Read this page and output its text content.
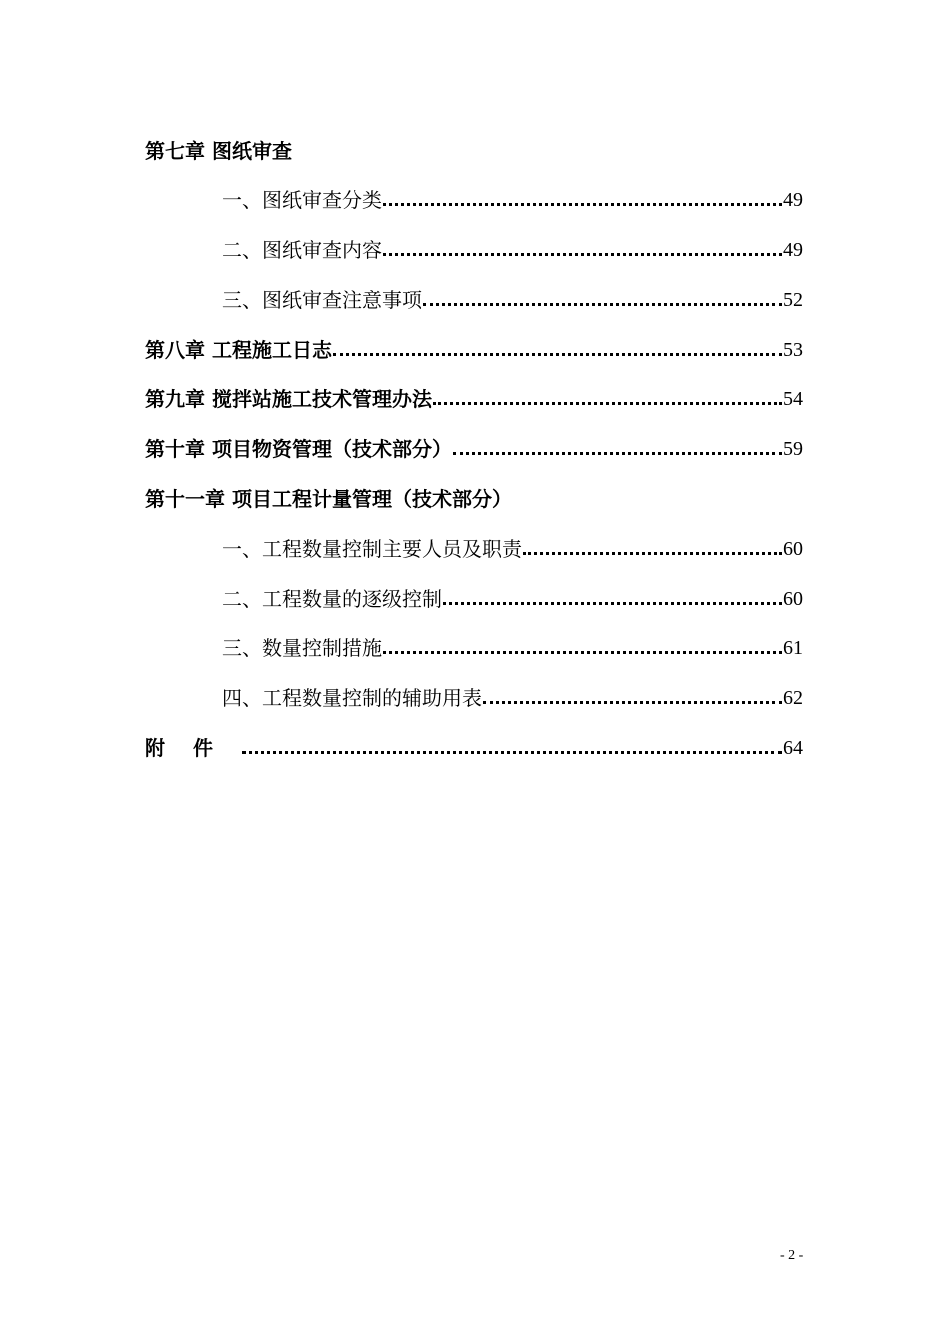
第七章 图纸审查
一、图纸审查分类	49
二、图纸审查内容	49
三、图纸审查注意事项	52
第八章 工程施工日志	53
第九章 搅拌站施工技术管理办法	54
第十章 项目物资管理（技术部分）	59
第十一章 项目工程计量管理（技术部分）
一、工程数量控制主要人员及职责	60
二、工程数量的逐级控制	60
三、数量控制措施	61
四、工程数量控制的辅助用表	62
附件	64
- 2 -
